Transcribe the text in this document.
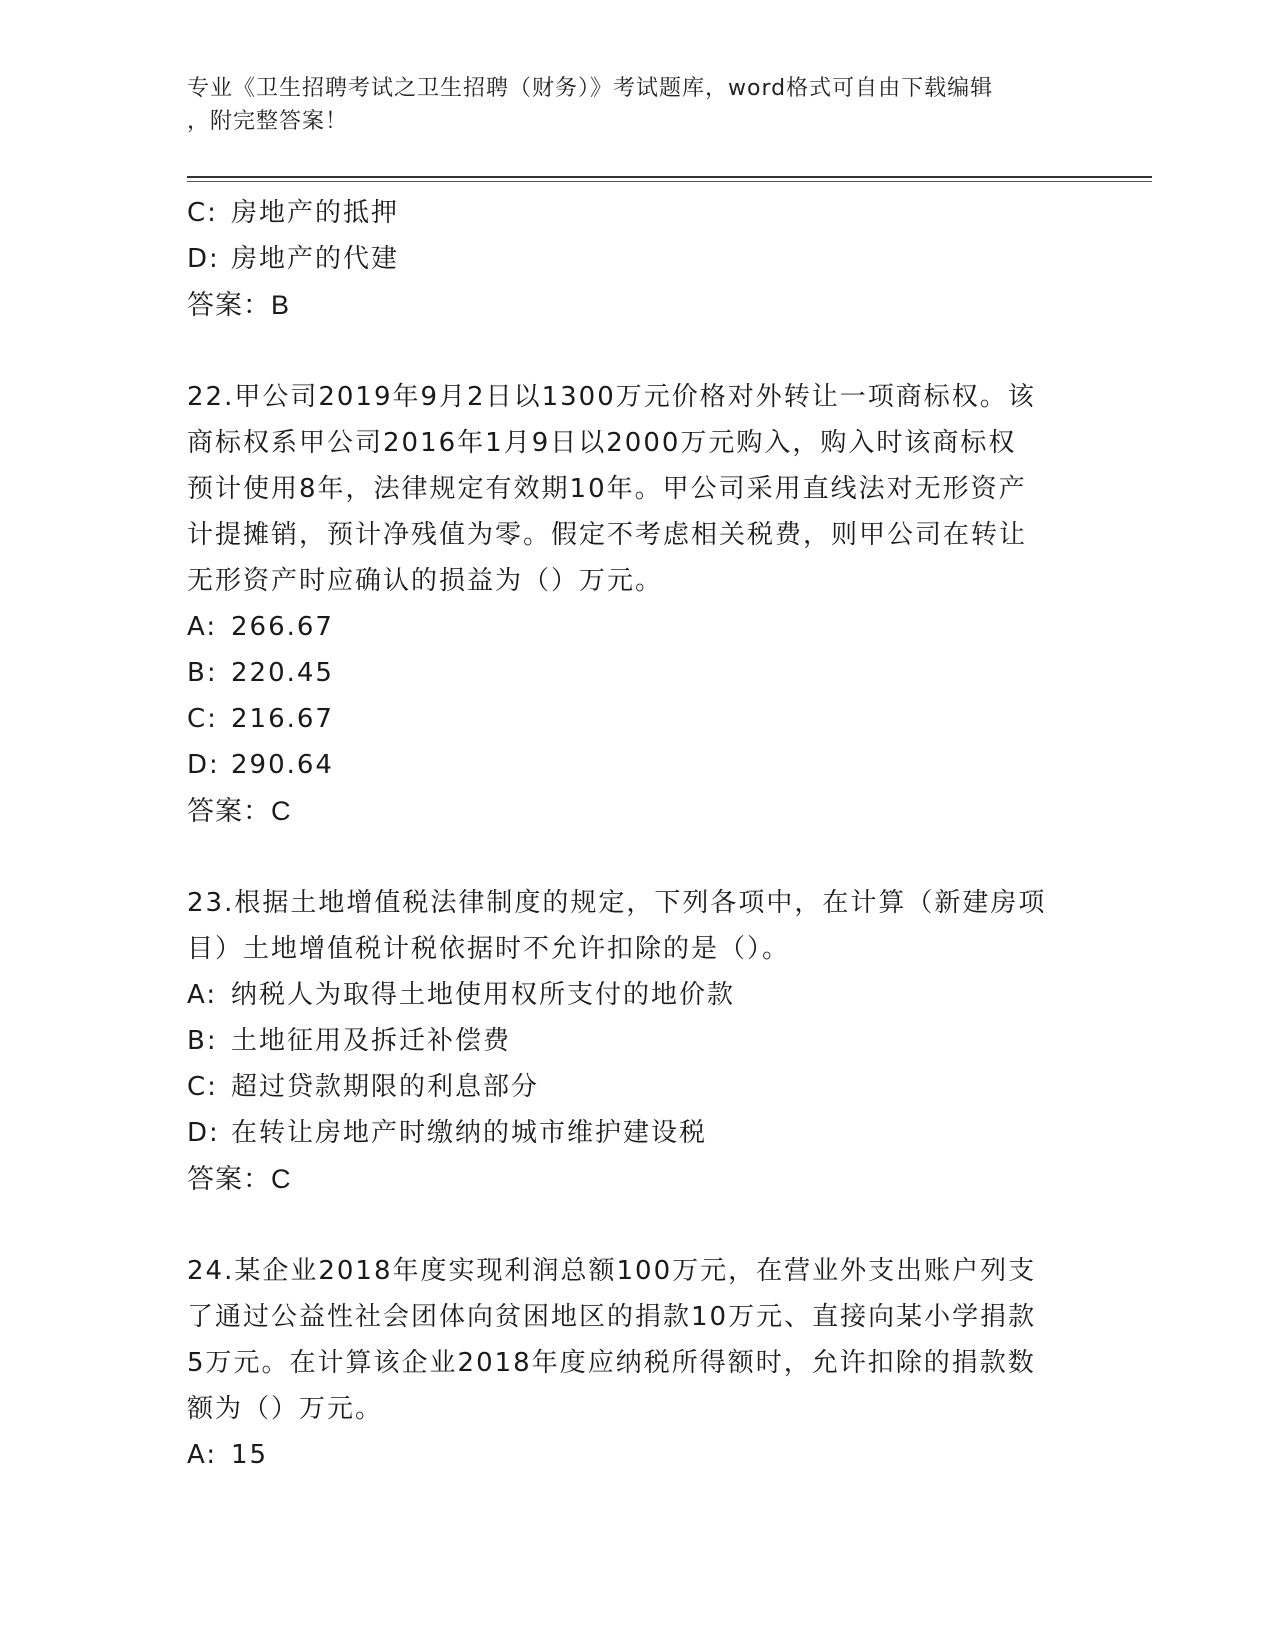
专业《卫生招聘考试之卫生招聘（财务）》考试题库，word格式可自由下载编辑
，附完整答案！
C: 房地产的抵押
D: 房地产的代建
答案：B
22.甲公司2019年9月2日以1300万元价格对外转让一项商标权。该
商标权系甲公司2016年1月9日以2000万元购入，购入时该商标权
预计使用8年，法律规定有效期10年。甲公司采用直线法对无形资产
计提摊销，预计净残值为零。假定不考虑相关税费，则甲公司在转让
无形资产时应确认的损益为（）万元。
A: 266.67
B: 220.45
C: 216.67
D: 290.64
答案：C
23.根据土地增值税法律制度的规定，下列各项中，在计算（新建房项
目）土地增值税计税依据时不允许扣除的是（）。
A: 纳税人为取得土地使用权所支付的地价款
B: 土地征用及拆迁补偿费
C: 超过贷款期限的利息部分
D: 在转让房地产时缴纳的城市维护建设税
答案：C
24.某企业2018年度实现利润总额100万元，在营业外支出账户列支
了通过公益性社会团体向贫困地区的捐款10万元、直接向某小学捐款
5万元。在计算该企业2018年度应纳税所得额时，允许扣除的捐款数
额为（）万元。
A: 15
